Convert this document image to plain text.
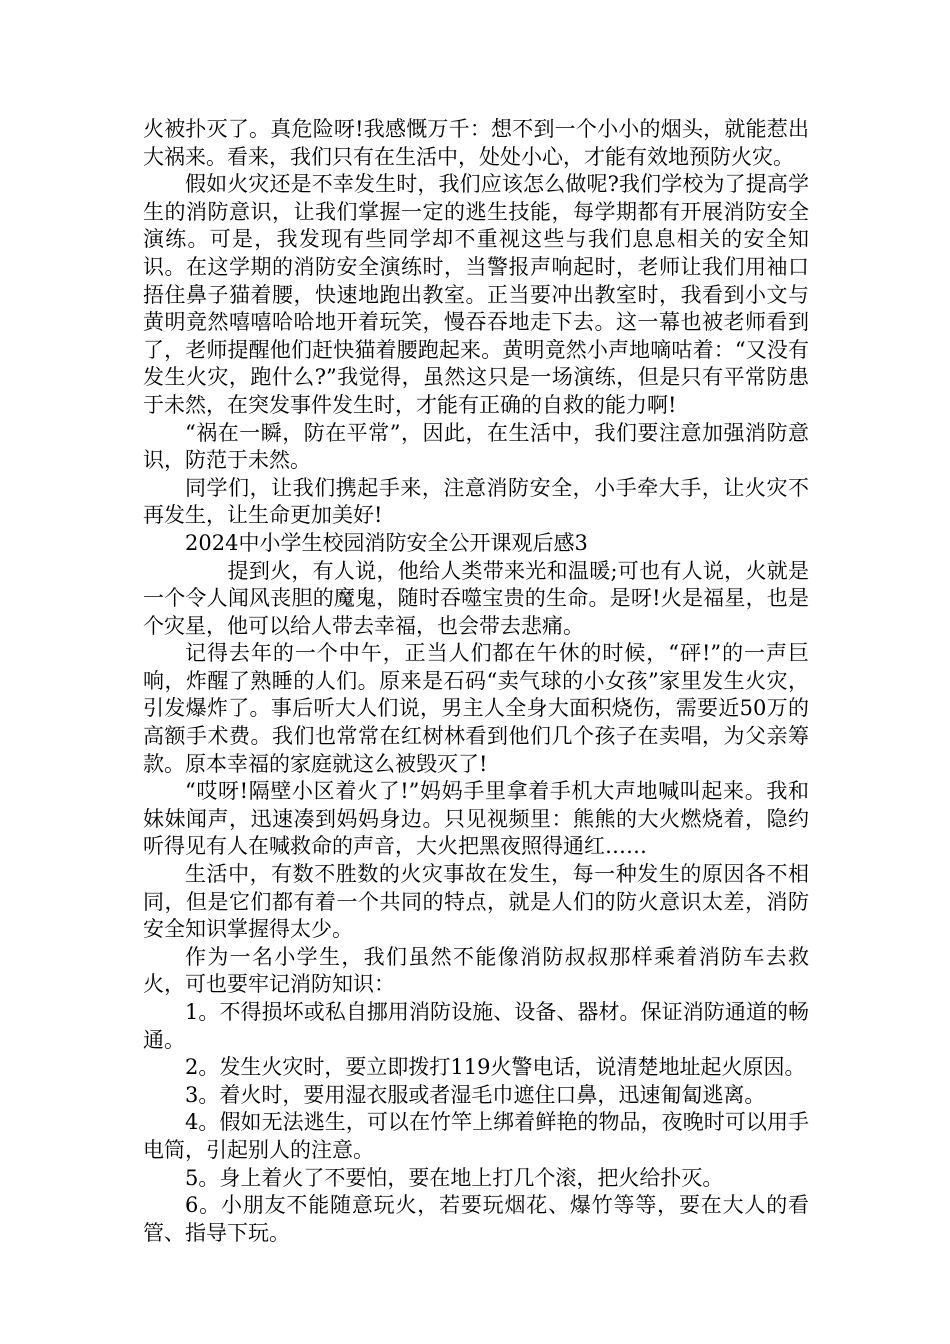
火被扑灭了。真危险呀!我感慨万千：想不到一个小小的烟头，就能惹出大祸来。看来，我们只有在生活中，处处小心，才能有效地预防火灾。

假如火灾还是不幸发生时，我们应该怎么做呢?我们学校为了提高学生的消防意识，让我们掌握一定的逃生技能，每学期都有开展消防安全演练。可是，我发现有些同学却不重视这些与我们息息相关的安全知识。在这学期的消防安全演练时，当警报声响起时，老师让我们用袖口捂住鼻子猫着腰，快速地跑出教室。正当要冲出教室时，我看到小文与黄明竟然嘻嘻哈哈地开着玩笑，慢吞吞地走下去。这一幕也被老师看到了，老师提醒他们赶快猫着腰跑起来。黄明竟然小声地嘀咕着：“又没有发生火灾，跑什么?”我觉得，虽然这只是一场演练，但是只有平常防患于未然，在突发事件发生时，才能有正确的自救的能力啊!

“祸在一瞬，防在平常”，因此，在生活中，我们要注意加强消防意识，防范于未然。

同学们，让我们携起手来，注意消防安全，小手牵大手，让火灾不再发生，让生命更加美好!

2024中小学生校园消防安全公开课观后感3

　　提到火，有人说，他给人类带来光和温暖;可也有人说，火就是一个令人闻风丧胆的魔鬼，随时吞噬宝贵的生命。是呀!火是福星，也是个灾星，他可以给人带去幸福，也会带去悲痛。

记得去年的一个中午，正当人们都在午休的时候，“砰!”的一声巨响，炸醒了熟睡的人们。原来是石码“卖气球的小女孩”家里发生火灾，引发爆炸了。事后听大人们说，男主人全身大面积烧伤，需要近50万的高额手术费。我们也常常在红树林看到他们几个孩子在卖唱，为父亲筹款。原本幸福的家庭就这么被毁灭了!

“哎呀!隔壁小区着火了!”妈妈手里拿着手机大声地喊叫起来。我和妹妹闻声，迅速凑到妈妈身边。只见视频里：熊熊的大火燃烧着，隐约听得见有人在喊救命的声音，大火把黑夜照得通红……

生活中，有数不胜数的火灾事故在发生，每一种发生的原因各不相同，但是它们都有着一个共同的特点，就是人们的防火意识太差，消防安全知识掌握得太少。

作为一名小学生，我们虽然不能像消防叔叔那样乘着消防车去救火，可也要牢记消防知识：

1。不得损坏或私自挪用消防设施、设备、器材。保证消防通道的畅通。

2。发生火灾时，要立即拨打119火警电话，说清楚地址起火原因。

3。着火时，要用湿衣服或者湿毛巾遮住口鼻，迅速匍匐逃离。

4。假如无法逃生，可以在竹竿上绑着鲜艳的物品，夜晚时可以用手电筒，引起别人的注意。

5。身上着火了不要怕，要在地上打几个滚，把火给扑灭。

6。小朋友不能随意玩火，若要玩烟花、爆竹等等，要在大人的看管、指导下玩。
